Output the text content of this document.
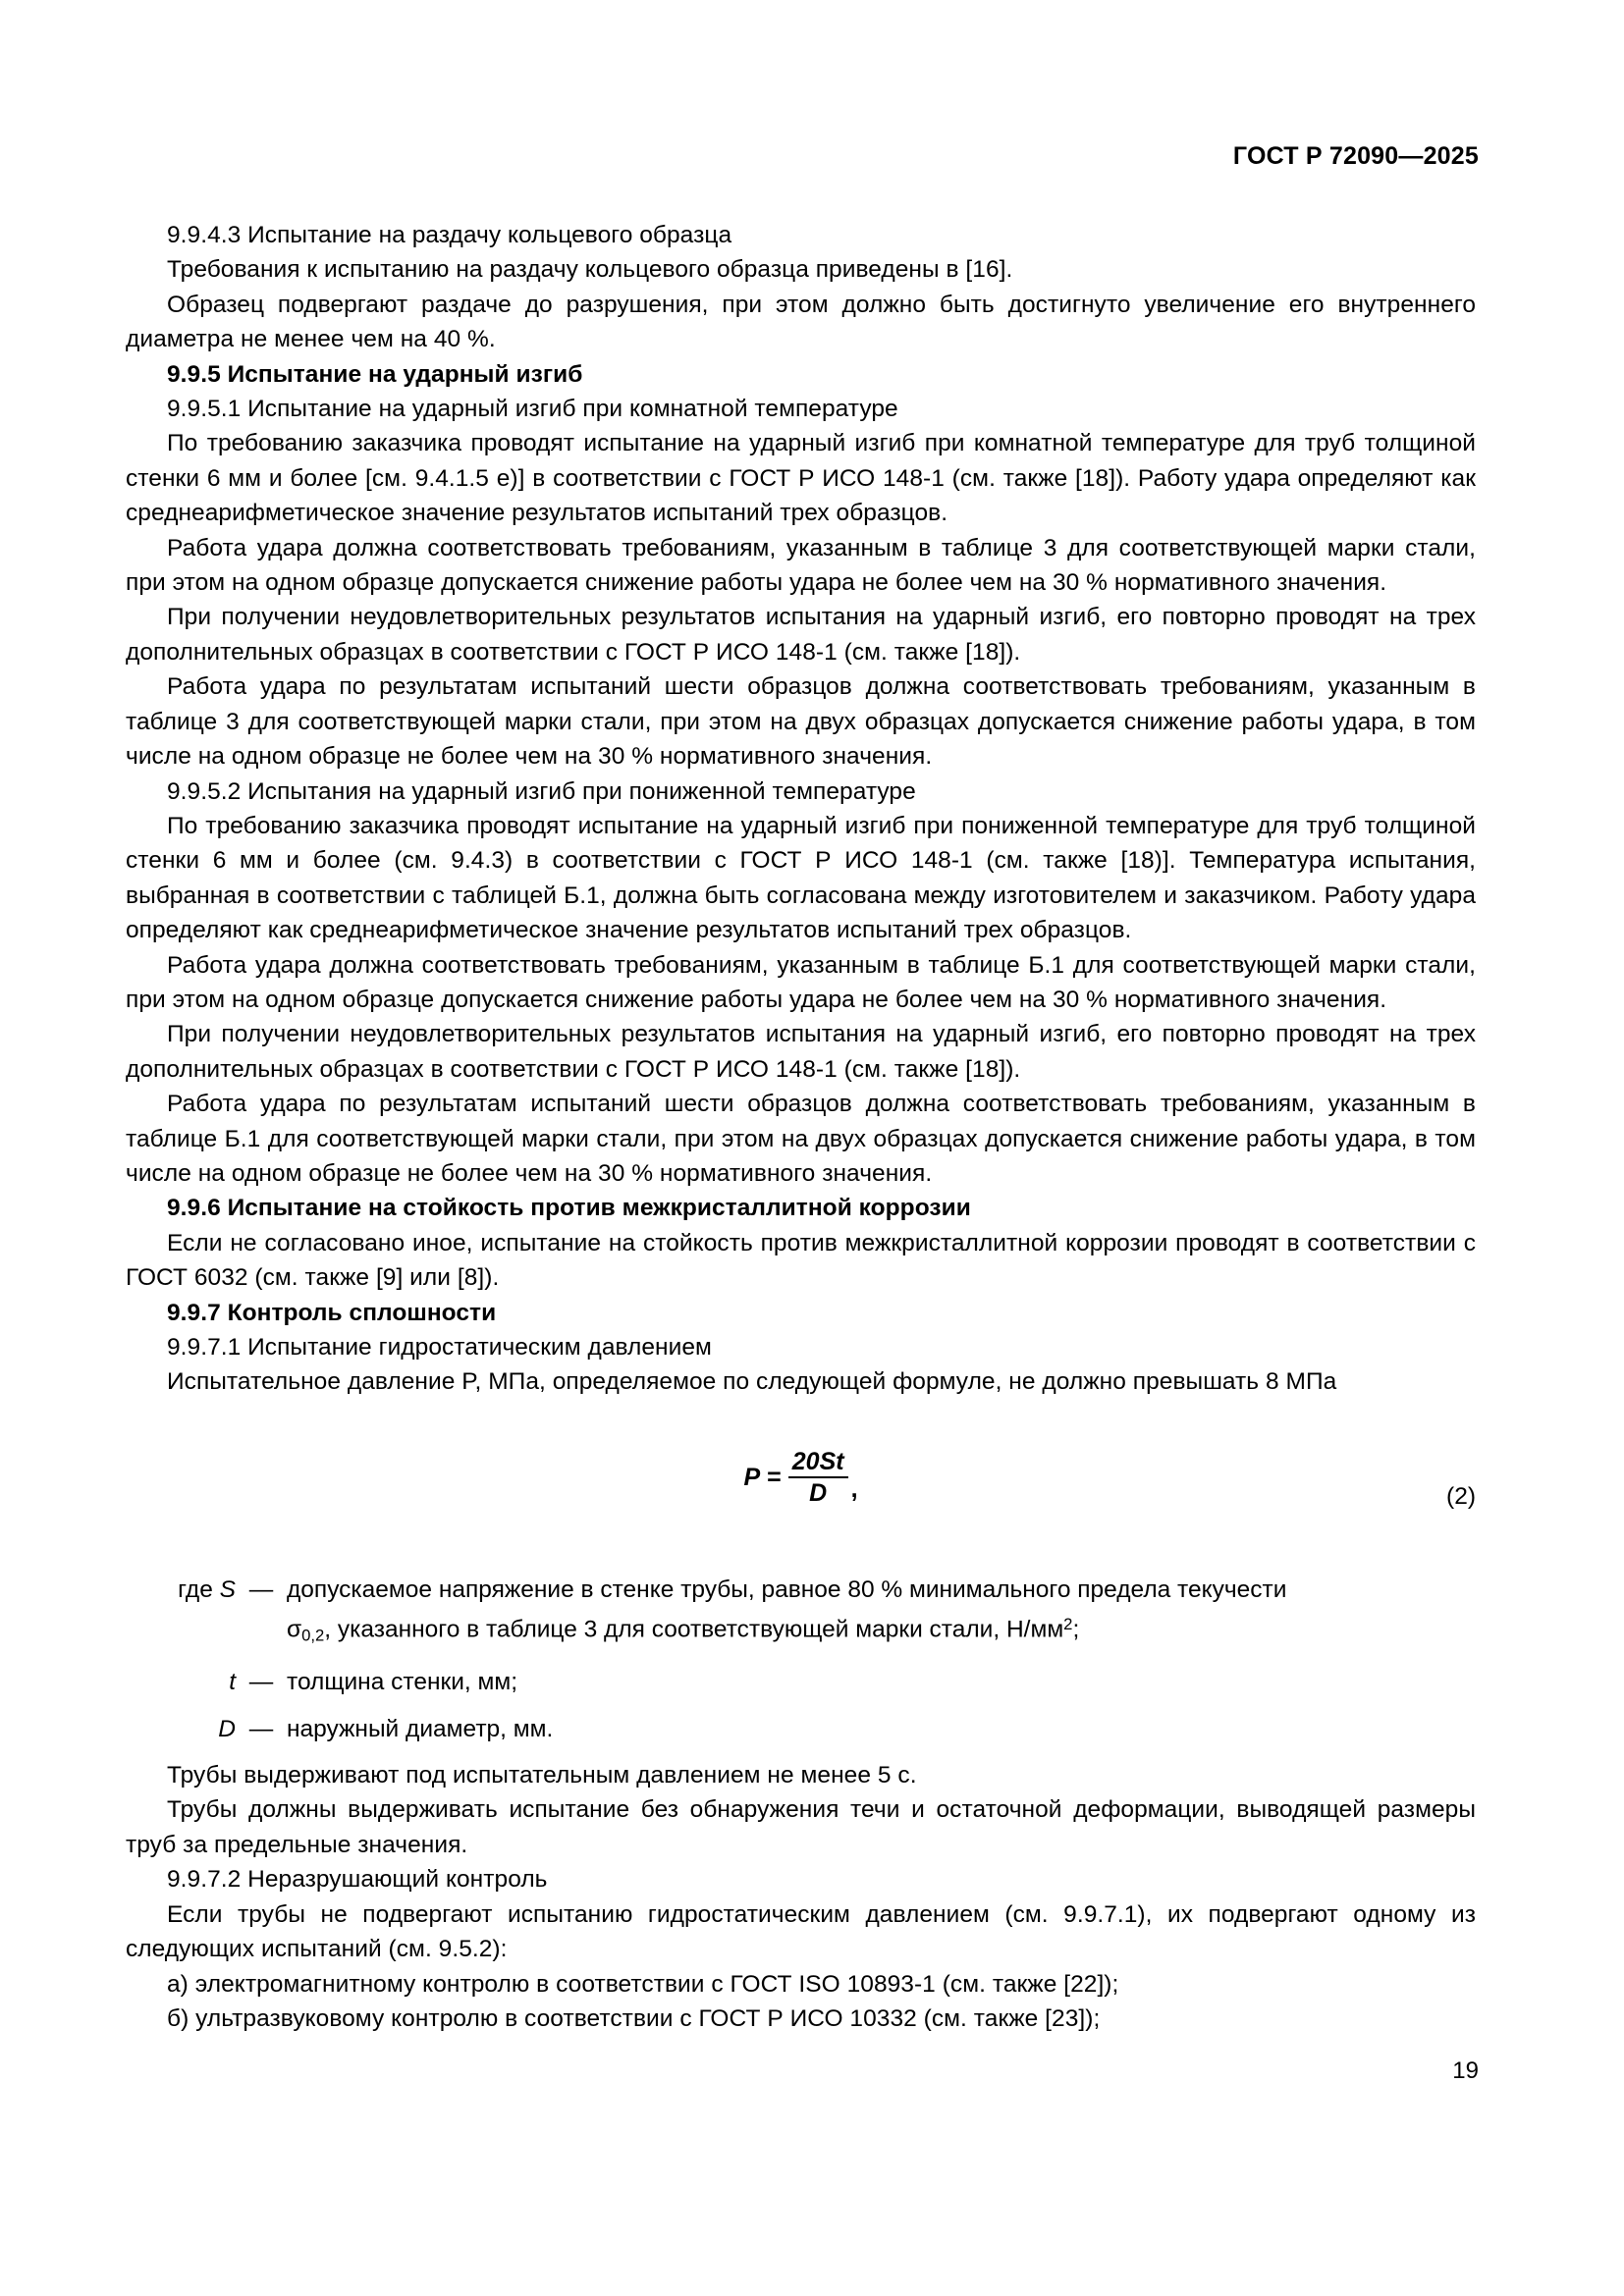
ГОСТ Р 72090—2025

9.9.4.3 Испытание на раздачу кольцевого образца

Требования к испытанию на раздачу кольцевого образца приведены в [16].

Образец подвергают раздаче до разрушения, при этом должно быть достигнуто увеличение его внутреннего диаметра не менее чем на 40 %.

9.9.5 Испытание на ударный изгиб

9.9.5.1 Испытание на ударный изгиб при комнатной температуре

По требованию заказчика проводят испытание на ударный изгиб при комнатной температуре для труб толщиной стенки 6 мм и более [см. 9.4.1.5 е)] в соответствии с ГОСТ Р ИСО 148-1 (см. также [18]). Работу удара определяют как среднеарифметическое значение результатов испытаний трех образцов.

Работа удара должна соответствовать требованиям, указанным в таблице 3 для соответствующей марки стали, при этом на одном образце допускается снижение работы удара не более чем на 30 % нормативного значения.

При получении неудовлетворительных результатов испытания на ударный изгиб, его повторно проводят на трех дополнительных образцах в соответствии с ГОСТ Р ИСО 148-1 (см. также [18]).

Работа удара по результатам испытаний шести образцов должна соответствовать требованиям, указанным в таблице 3 для соответствующей марки стали, при этом на двух образцах допускается снижение работы удара, в том числе на одном образце не более чем на 30 % нормативного значения.

9.9.5.2 Испытания на ударный изгиб при пониженной температуре

По требованию заказчика проводят испытание на ударный изгиб при пониженной температуре для труб толщиной стенки 6 мм и более (см. 9.4.3) в соответствии с ГОСТ Р ИСО 148-1 (см. также [18)]. Температура испытания, выбранная в соответствии с таблицей Б.1, должна быть согласована между изготовителем и заказчиком. Работу удара определяют как среднеарифметическое значение результатов испытаний трех образцов.

Работа удара должна соответствовать требованиям, указанным в таблице Б.1 для соответствующей марки стали, при этом на одном образце допускается снижение работы удара не более чем на 30 % нормативного значения.

При получении неудовлетворительных результатов испытания на ударный изгиб, его повторно проводят на трех дополнительных образцах в соответствии с ГОСТ Р ИСО 148-1 (см. также [18]).

Работа удара по результатам испытаний шести образцов должна соответствовать требованиям, указанным в таблице Б.1 для соответствующей марки стали, при этом на двух образцах допускается снижение работы удара, в том числе на одном образце не более чем на 30 % нормативного значения.

9.9.6 Испытание на стойкость против межкристаллитной коррозии

Если не согласовано иное, испытание на стойкость против межкристаллитной коррозии проводят в соответствии с ГОСТ 6032 (см. также [9] или [8]).

9.9.7 Контроль сплошности

9.9.7.1 Испытание гидростатическим давлением

Испытательное давление P, МПа, определяемое по следующей формуле, не должно превышать 8 МПа

$P = \frac{20St}{D}$ ,	(2)
где S — допускаемое напряжение в стенке трубы, равное 80 % минимального предела текучести
$\sigma_{0,2}$, указанного в таблице 3 для соответствующей марки стали, $Н/мм^2$;
t — толщина стенки, мм;
D — наружный диаметр, мм.

Трубы выдерживают под испытательным давлением не менее 5 с.

Трубы должны выдерживать испытание без обнаружения течи и остаточной деформации, выводящей размеры труб за предельные значения.

9.9.7.2 Неразрушающий контроль

Если трубы не подвергают испытанию гидростатическим давлением (см. 9.9.7.1), их подвергают одному из следующих испытаний (см. 9.5.2):

а) электромагнитному контролю в соответствии с ГОСТ ISO 10893-1 (см. также [22]);

б) ультразвуковому контролю в соответствии с ГОСТ Р ИСО 10332 (см. также [23]);

19
